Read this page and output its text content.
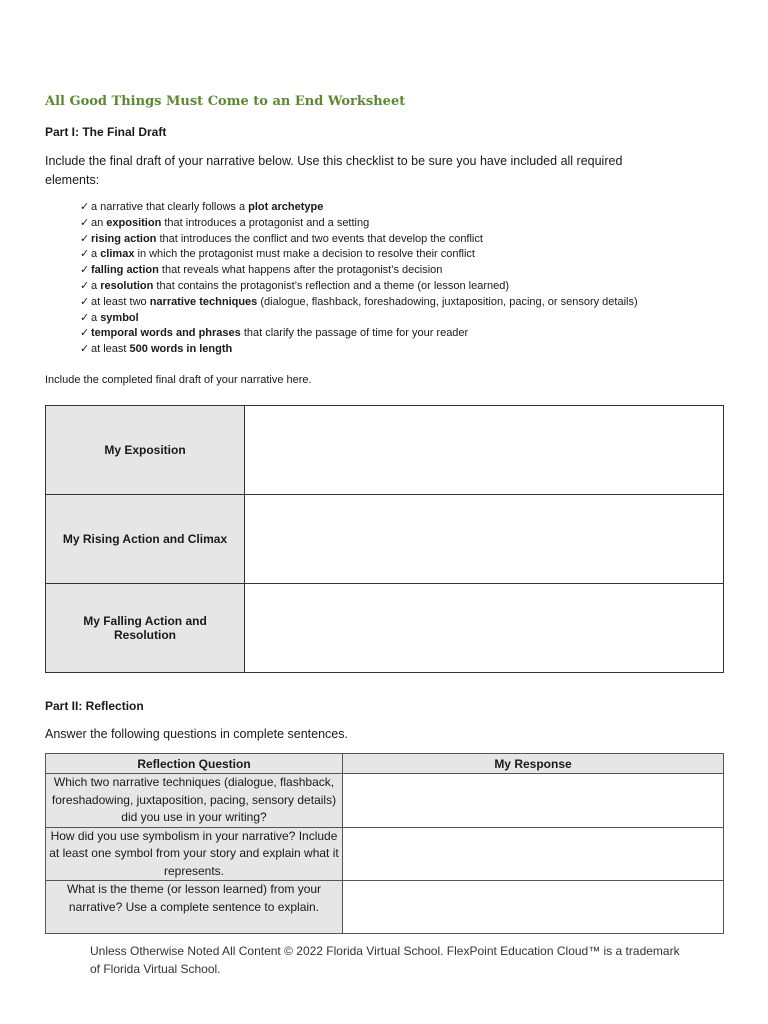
All Good Things Must Come to an End Worksheet
Part I: The Final Draft
Include the final draft of your narrative below. Use this checklist to be sure you have included all required elements:
✓ a narrative that clearly follows a plot archetype
✓ an exposition that introduces a protagonist and a setting
✓ rising action that introduces the conflict and two events that develop the conflict
✓ a climax in which the protagonist must make a decision to resolve their conflict
✓ falling action that reveals what happens after the protagonist’s decision
✓ a resolution that contains the protagonist’s reflection and a theme (or lesson learned)
✓ at least two narrative techniques (dialogue, flashback, foreshadowing, juxtaposition, pacing, or sensory details)
✓ a symbol
✓ temporal words and phrases that clarify the passage of time for your reader
✓ at least 500 words in length
Include the completed final draft of your narrative here.
My Exposition	
My Rising Action and Climax	
My Falling Action and Resolution	
Part II: Reflection
Answer the following questions in complete sentences.
Reflection Question	My Response
Which two narrative techniques (dialogue, flashback, foreshadowing, juxtaposition, pacing, sensory details) did you use in your writing?	
How did you use symbolism in your narrative? Include at least one symbol from your story and explain what it represents.	
What is the theme (or lesson learned) from your narrative? Use a complete sentence to explain.	
Unless Otherwise Noted All Content © 2022 Florida Virtual School. FlexPoint Education Cloud™ is a trademark of Florida Virtual School.
